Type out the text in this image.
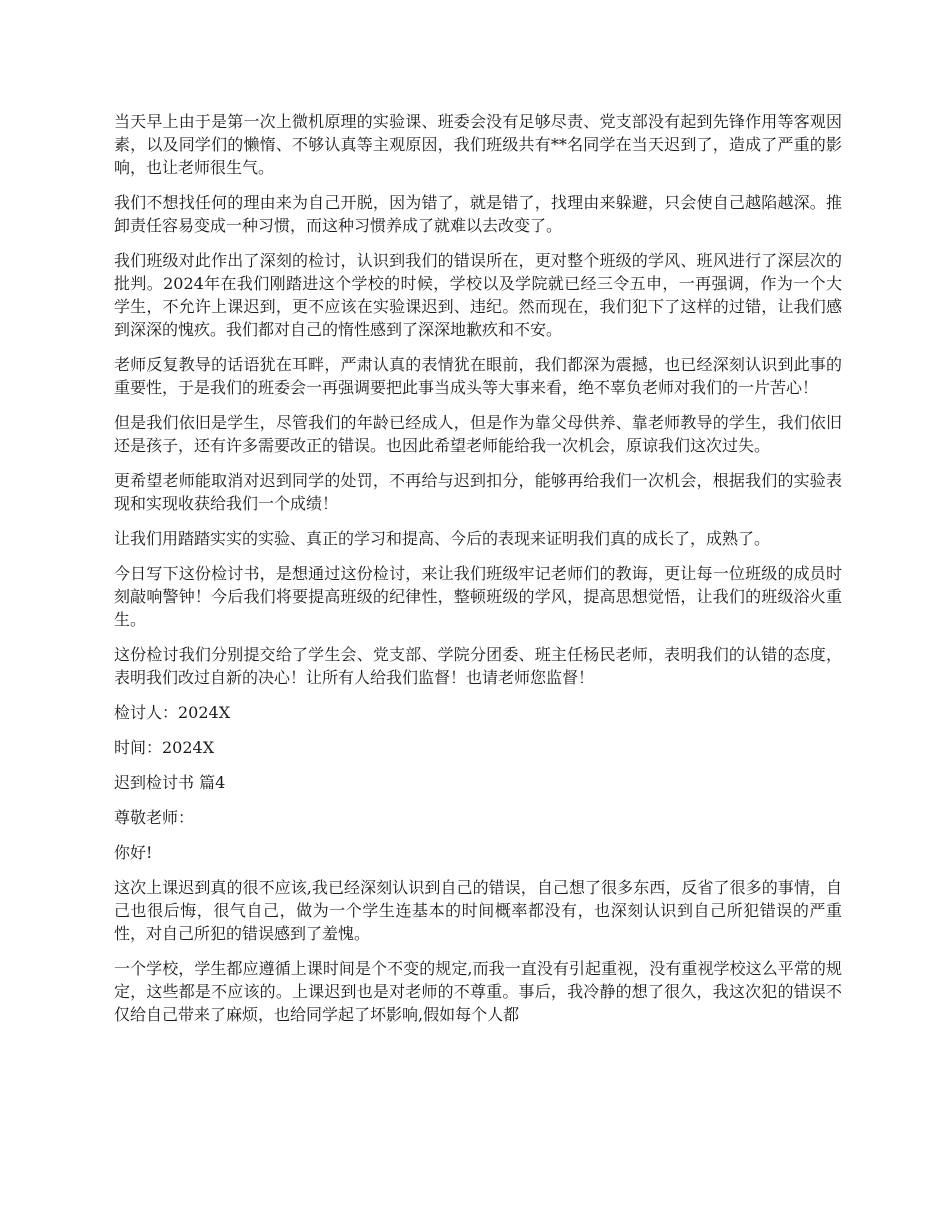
当天早上由于是第一次上微机原理的实验课、班委会没有足够尽责、党支部没有起到先锋作用等客观因素，以及同学们的懒惰、不够认真等主观原因，我们班级共有**名同学在当天迟到了，造成了严重的影响，也让老师很生气。

我们不想找任何的理由来为自己开脱，因为错了，就是错了，找理由来躲避，只会使自己越陷越深。推卸责任容易变成一种习惯，而这种习惯养成了就难以去改变了。

我们班级对此作出了深刻的检讨，认识到我们的错误所在，更对整个班级的学风、班风进行了深层次的批判。2024年在我们刚踏进这个学校的时候，学校以及学院就已经三令五申，一再强调，作为一个大学生，不允许上课迟到，更不应该在实验课迟到、违纪。然而现在，我们犯下了这样的过错，让我们感到深深的愧疚。我们都对自己的惰性感到了深深地歉疚和不安。

老师反复教导的话语犹在耳畔，严肃认真的表情犹在眼前，我们都深为震撼，也已经深刻认识到此事的重要性，于是我们的班委会一再强调要把此事当成头等大事来看，绝不辜负老师对我们的一片苦心！

但是我们依旧是学生，尽管我们的年龄已经成人，但是作为靠父母供养、靠老师教导的学生，我们依旧还是孩子，还有许多需要改正的错误。也因此希望老师能给我一次机会，原谅我们这次过失。

更希望老师能取消对迟到同学的处罚，不再给与迟到扣分，能够再给我们一次机会，根据我们的实验表现和实现收获给我们一个成绩！

让我们用踏踏实实的实验、真正的学习和提高、今后的表现来证明我们真的成长了，成熟了。

今日写下这份检讨书，是想通过这份检讨，来让我们班级牢记老师们的教诲，更让每一位班级的成员时刻敲响警钟！今后我们将要提高班级的纪律性，整顿班级的学风，提高思想觉悟，让我们的班级浴火重生。

这份检讨我们分别提交给了学生会、党支部、学院分团委、班主任杨民老师，表明我们的认错的态度，表明我们改过自新的决心！让所有人给我们监督！也请老师您监督！

检讨人：2024X

时间：2024X

迟到检讨书 篇4

尊敬老师：

你好!

这次上课迟到真的很不应该,我已经深刻认识到自己的错误，自己想了很多东西，反省了很多的事情，自己也很后悔，很气自己，做为一个学生连基本的时间概率都没有，也深刻认识到自己所犯错误的严重性，对自己所犯的错误感到了羞愧。

一个学校，学生都应遵循上课时间是个不变的规定,而我一直没有引起重视，没有重视学校这么平常的规定，这些都是不应该的。上课迟到也是对老师的不尊重。事后，我冷静的想了很久，我这次犯的错误不仅给自己带来了麻烦，也给同学起了坏影响,假如每个人都
